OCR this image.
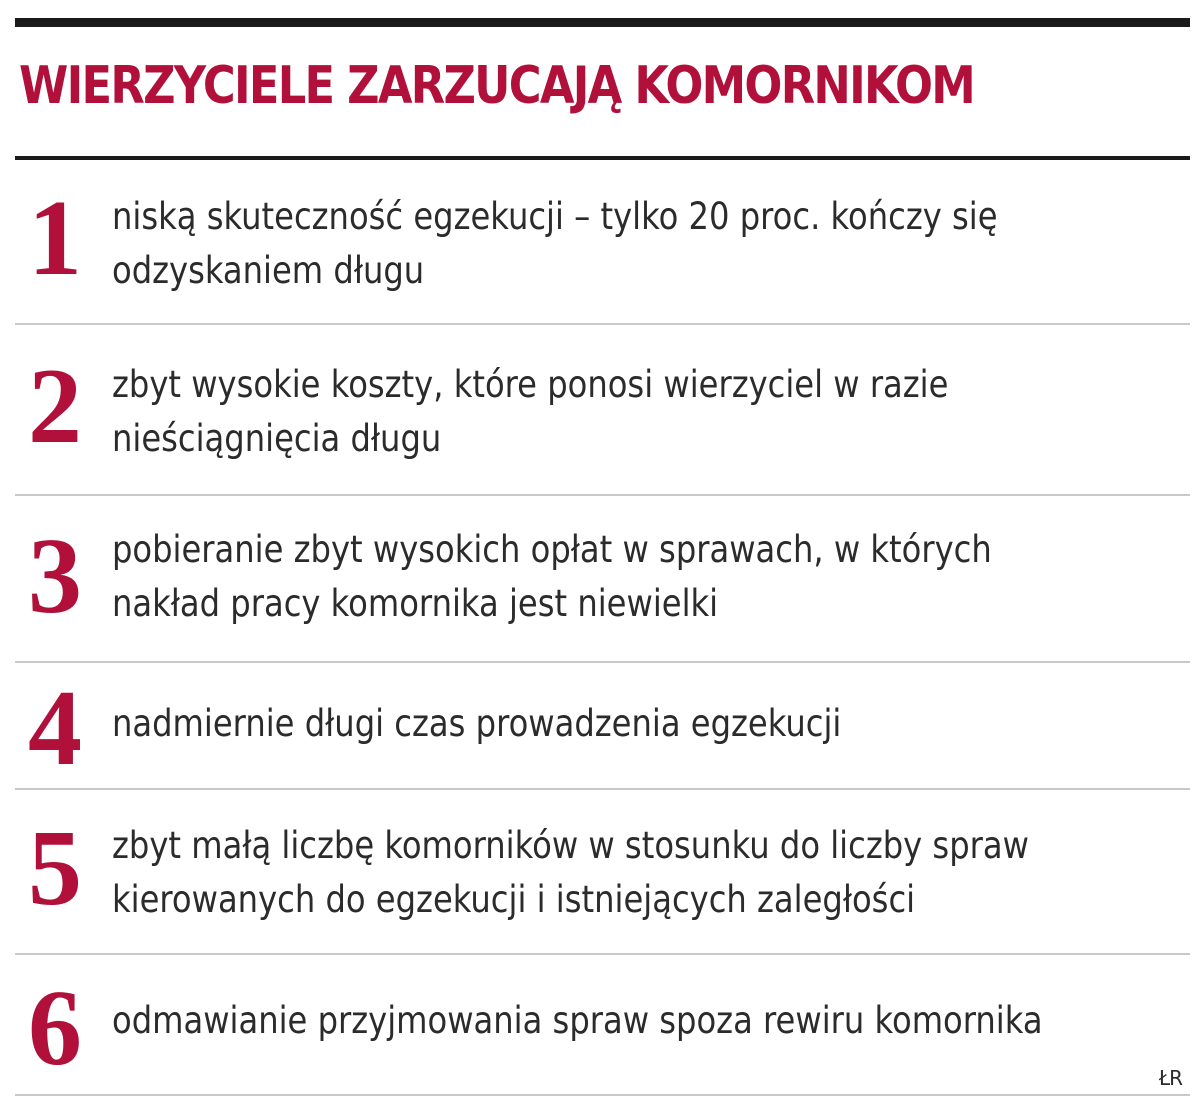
WIERZYCIELE ZARZUCAJĄ KOMORNIKOM
1 niską skuteczność egzekucji – tylko 20 proc. kończy się
odzyskaniem długu
2 zbyt wysokie koszty, które ponosi wierzyciel w razie
nieściągnięcia długu
3 pobieranie zbyt wysokich opłat w sprawach, w których
nakład pracy komornika jest niewielki
4 nadmiernie długi czas prowadzenia egzekucji
5 zbyt małą liczbę komorników w stosunku do liczby spraw
kierowanych do egzekucji i istniejących zaległości
6 odmawianie przyjmowania spraw spoza rewiru komornika
ŁR
